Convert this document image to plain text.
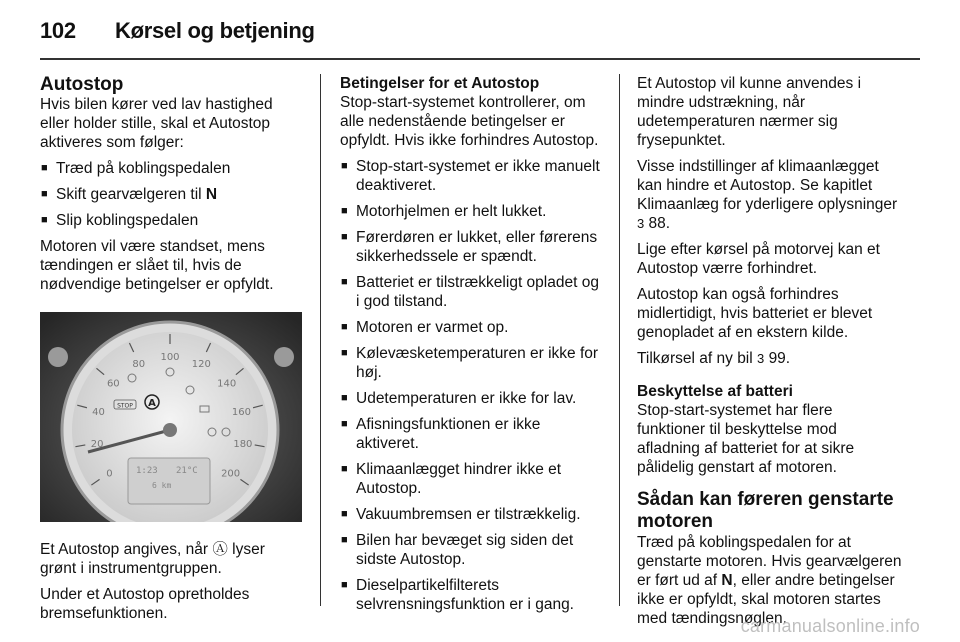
102 Kørsel og betjening
Autostop

Hvis bilen kører ved lav hastighed eller holder stille, skal et Autostop aktiveres som følger:

■ Træd på koblingspedalen
■ Skift gearvælgeren til N
■ Slip koblingspedalen

Motoren vil være standset, mens tændingen er slået til, hvis de nødvendige betingelser er opfyldt.

0
20
40
60
80
100
120
140
160
180
200
1:23 21°C
6 km
STOP A

Et Autostop angives, når Ⓐ lyser grønt i instrumentgruppen.

Under et Autostop opretholdes bremsefunktionen.

Betingelser for et Autostop

Stop-start-systemet kontrollerer, om alle nedenstående betingelser er opfyldt. Hvis ikke forhindres Autostop.

■ Stop-start-systemet er ikke manuelt deaktiveret.
■ Motorhjelmen er helt lukket.
■ Førerdøren er lukket, eller førerens sikkerhedssele er spændt.
■ Batteriet er tilstrækkeligt opladet og i god tilstand.
■ Motoren er varmet op.
■ Kølevæsketemperaturen er ikke for høj.
■ Udetemperaturen er ikke for lav.
■ Afisningsfunktionen er ikke aktiveret.
■ Klimaanlægget hindrer ikke et Autostop.
■ Vakuumbremsen er tilstrækkelig.
■ Bilen har bevæget sig siden det sidste Autostop.
■ Dieselpartikelfilterets selvrensningsfunktion er i gang.

Et Autostop vil kunne anvendes i mindre udstrækning, når udetemperaturen nærmer sig frysepunktet.

Visse indstillinger af klimaanlægget kan hindre et Autostop. Se kapitlet Klimaanlæg for yderligere oplysninger 3 88.

Lige efter kørsel på motorvej kan et Autostop værre forhindret.

Autostop kan også forhindres midlertidigt, hvis batteriet er blevet genopladet af en ekstern kilde.

Tilkørsel af ny bil 3 99.

Beskyttelse af batteri

Stop-start-systemet har flere funktioner til beskyttelse mod afladning af batteriet for at sikre pålidelig genstart af motoren.

Sådan kan føreren genstarte motoren

Træd på koblingspedalen for at genstarte motoren. Hvis gearvælgeren er ført ud af N, eller andre betingelser ikke er opfyldt, skal motoren startes med tændingsnøglen.

carmanualsonline.info
